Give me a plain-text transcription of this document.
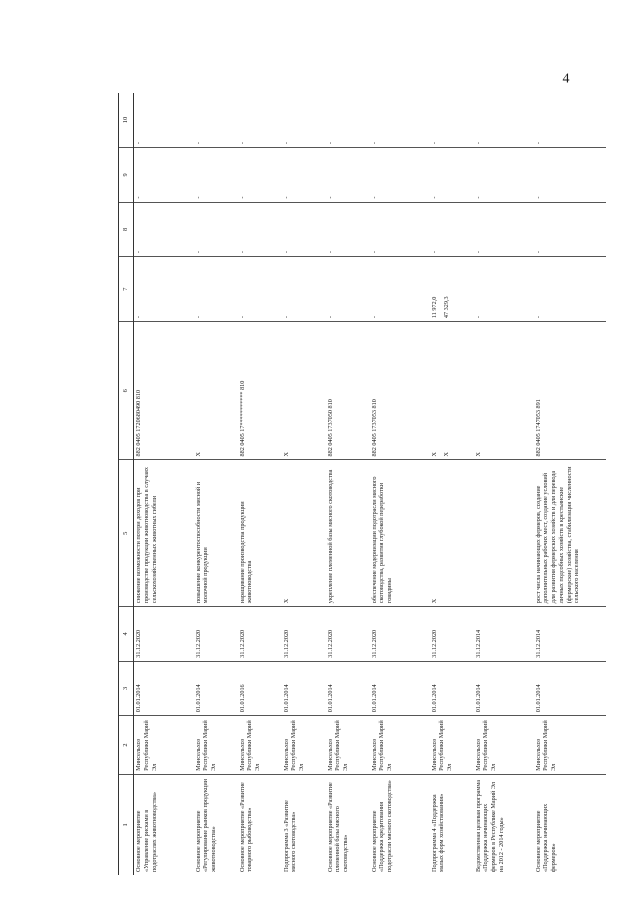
4
1	2	3	4	5	6	7	8	9	10
Основное мероприятие «Управление рисками в подотраслях животноводства»	Минсельхоз Республики Марий Эл	01.01.2014	31.12.2020	снижение возможности потери доходов при производстве продукции животноводства в случаях сельскохозяйственных животных гибели	882 0405 1720680490 810	-	-	-	-
Основное мероприятие «Регулирование рынков продукции животноводства»	Минсельхоз Республики Марий Эл	01.01.2014	31.12.2020	повышение конкурентоспособности мясной и молочной продукции	X	-	-	-	-
Основное мероприятие «Развитие товарного рыбоводства»	Минсельхоз Республики Марий Эл	01.01.2016	31.12.2020	наращивание производства продукции животноводства	882 0405 17*********** 810	-	-	-	-
Подпрограмма 3 «Развитие мясного скотоводства»	Минсельхоз Республики Марий Эл	01.01.2014	31.12.2020	X	X	-	-	-	-
Основное мероприятие «Развитие племенной базы мясного скотоводства»	Минсельхоз Республики Марий Эл	01.01.2014	31.12.2020	укрепление племенной базы мясного скотоводства	882 0405 1737050 810	-	-	-	-
Основное мероприятие «Поддержка кредитования подотрасли мясного скотоводства»	Минсельхоз Республики Марий Эл	01.01.2014	31.12.2020	обеспечение модернизации подотрасли мясного скотоводства, развития глубокой переработки говядины	882 0405 1737053 810	-	-	-	-
Подпрограмма 4 «Поддержка малых форм хозяйствования»	Минсельхоз Республики Марий Эл	01.01.2014	31.12.2020	X	X X	11 972,0 47 329,3	-	-	-
Ведомственная целевая программа «Поддержка начинающих фермеров в Республике Марий Эл на 2012 - 2014 годы»	Минсельхоз Республики Марий Эл	01.01.2014	31.12.2014		X	-	-	-	-
Основное мероприятие «Поддержка начинающих фермеров»	Минсельхоз Республики Марий Эл	01.01.2014	31.12.2014	рост числа начинающих фермеров, создание дополнительных рабочих мест, создание условий для развития фермерских хозяйств и для перевода личных подсобных хозяйств в крестьянские (фермерские) хозяйства, стабилизация численности сельского населения	882 0405 1747053 891	-	-	-	-
